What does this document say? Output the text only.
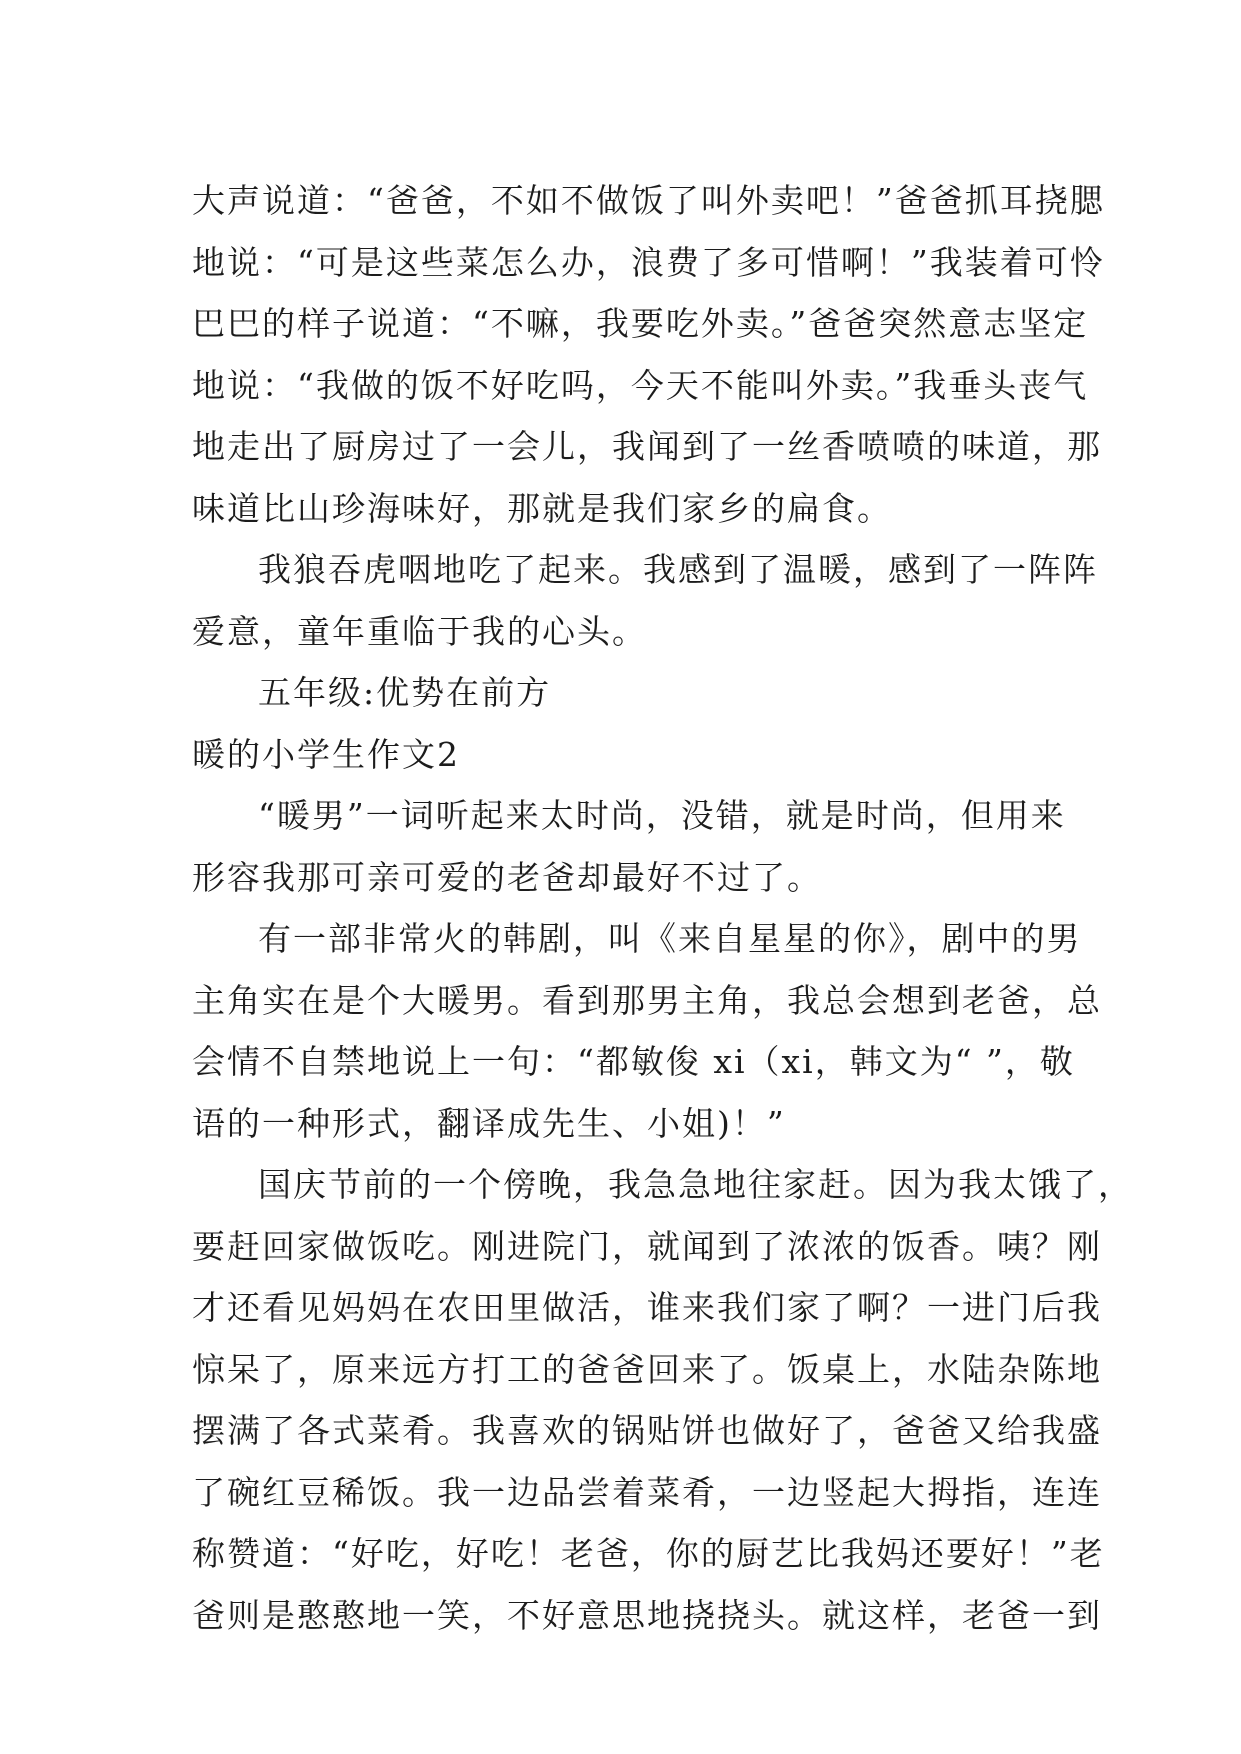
大声说道：“爸爸，不如不做饭了叫外卖吧！”爸爸抓耳挠腮
地说：“可是这些菜怎么办，浪费了多可惜啊！”我装着可怜
巴巴的样子说道：“不嘛，我要吃外卖。”爸爸突然意志坚定
地说：“我做的饭不好吃吗，今天不能叫外卖。”我垂头丧气
地走出了厨房过了一会儿，我闻到了一丝香喷喷的味道，那
味道比山珍海味好，那就是我们家乡的扁食。
我狼吞虎咽地吃了起来。我感到了温暖，感到了一阵阵
爱意，童年重临于我的心头。
五年级:优势在前方
暖的小学生作文2
“暖男”一词听起来太时尚，没错，就是时尚，但用来
形容我那可亲可爱的老爸却最好不过了。
有一部非常火的韩剧，叫《来自星星的你》，剧中的男
主角实在是个大暖男。看到那男主角，我总会想到老爸，总
会情不自禁地说上一句：“都敏俊 xi（xi，韩文为“ ”，敬
语的一种形式，翻译成先生、小姐)！”
国庆节前的一个傍晚，我急急地往家赶。因为我太饿了，
要赶回家做饭吃。刚进院门，就闻到了浓浓的饭香。咦？刚
才还看见妈妈在农田里做活，谁来我们家了啊？一进门后我
惊呆了，原来远方打工的爸爸回来了。饭桌上，水陆杂陈地
摆满了各式菜肴。我喜欢的锅贴饼也做好了，爸爸又给我盛
了碗红豆稀饭。我一边品尝着菜肴，一边竖起大拇指，连连
称赞道：“好吃，好吃！老爸，你的厨艺比我妈还要好！”老
爸则是憨憨地一笑，不好意思地挠挠头。就这样，老爸一到
